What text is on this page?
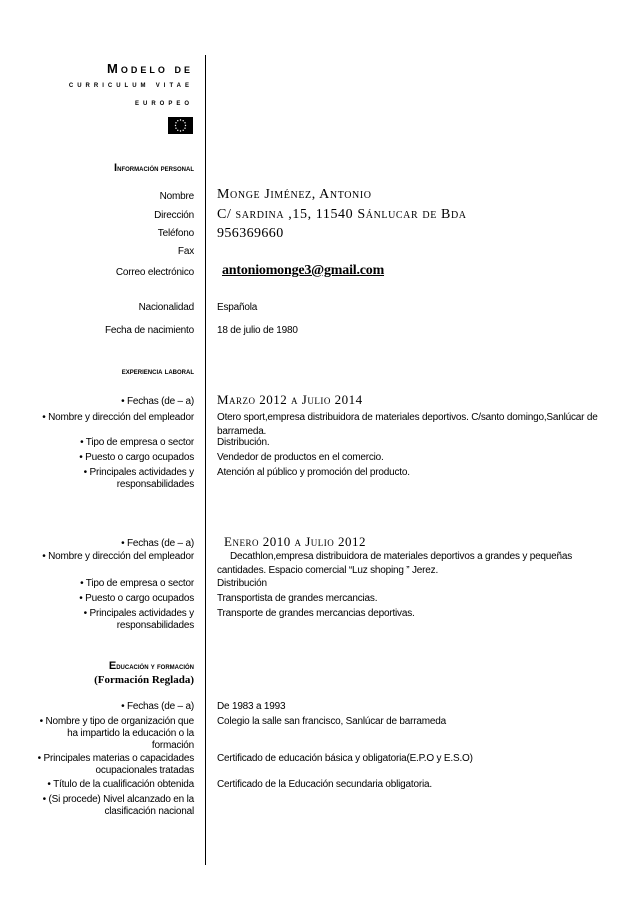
Modelo de
curriculum vitae
europeo
Información personal
Nombre Monge Jiménez, Antonio
Dirección C/ sardina ,15, 11540 Sánlucar de Bda
Teléfono 956369660
Fax
Correo electrónico antoniomonge3@gmail.com
Nacionalidad Española
Fecha de nacimiento 18 de julio de 1980
experiencia laboral
• Fechas (de – a) Marzo 2012 a Julio 2014
• Nombre y dirección del empleador Otero sport,empresa distribuidora de materiales deportivos. C/santo domingo,Sanlúcar de
barrameda.
• Tipo de empresa o sector Distribución.
• Puesto o cargo ocupados Vendedor de productos en el comercio.
• Principales actividades y
responsabilidades
Atención al público y promoción del producto.
• Fechas (de – a) Enero 2010 a Julio 2012
• Nombre y dirección del empleador	Decathlon,empresa distribuidora de materiales deportivos a grandes y pequeñas
cantidades. Espacio comercial “Luz shoping ” Jerez.
• Tipo de empresa o sector Distribución
• Puesto o cargo ocupados Transportista de grandes mercancias.
• Principales actividades y
responsabilidades
Transporte de grandes mercancias deportivas.
Educación y formación
(Formación Reglada)
• Fechas (de – a) De 1983 a 1993
• Nombre y tipo de organización que
ha impartido la educación o la
formación
Colegio la salle san francisco, Sanlúcar de barrameda
• Principales materias o capacidades
ocupacionales tratadas
Certificado de educación básica y obligatoria(E.P.O y E.S.O)
• Título de la cualificación obtenida Certificado de la Educación secundaria obligatoria.
• (Si procede) Nivel alcanzado en la
clasificación nacional
